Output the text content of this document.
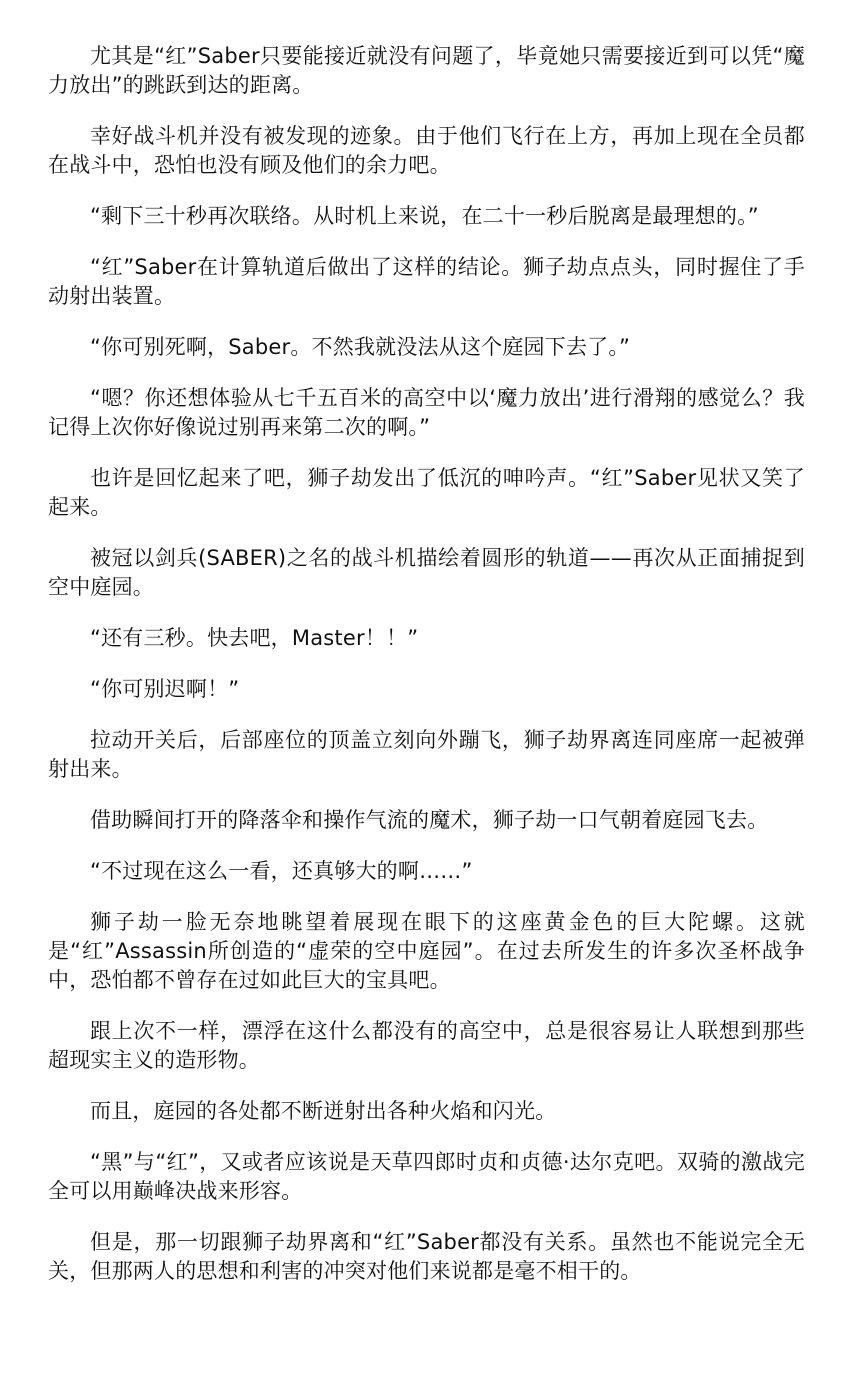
尤其是“红”Saber只要能接近就没有问题了，毕竟她只需要接近到可以凭“魔力放出”的跳跃到达的距离。

幸好战斗机并没有被发现的迹象。由于他们飞行在上方，再加上现在全员都在战斗中，恐怕也没有顾及他们的余力吧。

“剩下三十秒再次联络。从时机上来说，在二十一秒后脱离是最理想的。”

“红”Saber在计算轨道后做出了这样的结论。狮子劫点点头，同时握住了手动射出装置。

“你可别死啊，Saber。不然我就没法从这个庭园下去了。”

“嗯？你还想体验从七千五百米的高空中以‘魔力放出’进行滑翔的感觉么？我记得上次你好像说过别再来第二次的啊。”

也许是回忆起来了吧，狮子劫发出了低沉的呻吟声。“红”Saber见状又笑了起来。

被冠以剑兵(SABER)之名的战斗机描绘着圆形的轨道——再次从正面捕捉到空中庭园。

“还有三秒。快去吧，Master！！”

“你可别迟啊！”

拉动开关后，后部座位的顶盖立刻向外蹦飞，狮子劫界离连同座席一起被弹射出来。

借助瞬间打开的降落伞和操作气流的魔术，狮子劫一口气朝着庭园飞去。

“不过现在这么一看，还真够大的啊……”

狮子劫一脸无奈地眺望着展现在眼下的这座黄金色的巨大陀螺。这就是“红”Assassin所创造的“虚荣的空中庭园”。在过去所发生的许多次圣杯战争中，恐怕都不曾存在过如此巨大的宝具吧。

跟上次不一样，漂浮在这什么都没有的高空中，总是很容易让人联想到那些超现实主义的造形物。

而且，庭园的各处都不断迸射出各种火焰和闪光。

“黑”与“红”，又或者应该说是天草四郎时贞和贞德·达尔克吧。双骑的激战完全可以用巅峰决战来形容。

但是，那一切跟狮子劫界离和“红”Saber都没有关系。虽然也不能说完全无关，但那两人的思想和利害的冲突对他们来说都是毫不相干的。
